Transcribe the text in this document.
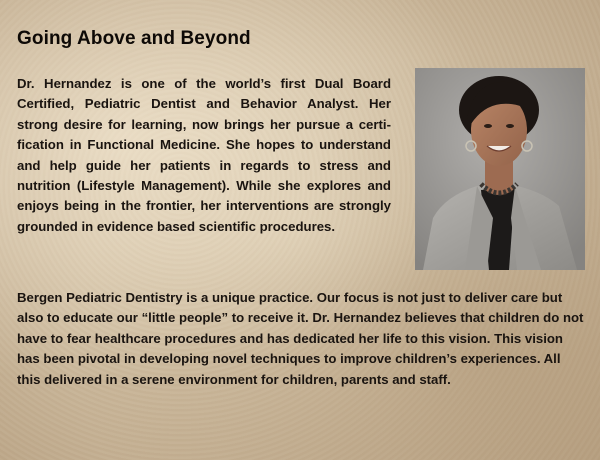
Going Above and Beyond

Dr. Hernandez is one of the world’s first Dual Board Certified, Pediatric Dentist and Behavior Analyst. Her strong desire for learning, now brings her pursue a certification in Functional Medicine. She hopes to understand and help guide her patients in regards to stress and nutrition (Lifestyle Management). While she explores and enjoys being in the frontier, her interventions are strongly grounded in evidence based scientific procedures.

Bergen Pediatric Dentistry is a unique practice. Our focus is not just to deliver care but also to educate our “little people” to receive it. Dr. Hernandez believes that children do not have to fear healthcare procedures and has dedicated her life to this vision. This vision has been pivotal in developing novel techniques to improve children’s experiences. All this delivered in a serene environment for children, parents and staff.
